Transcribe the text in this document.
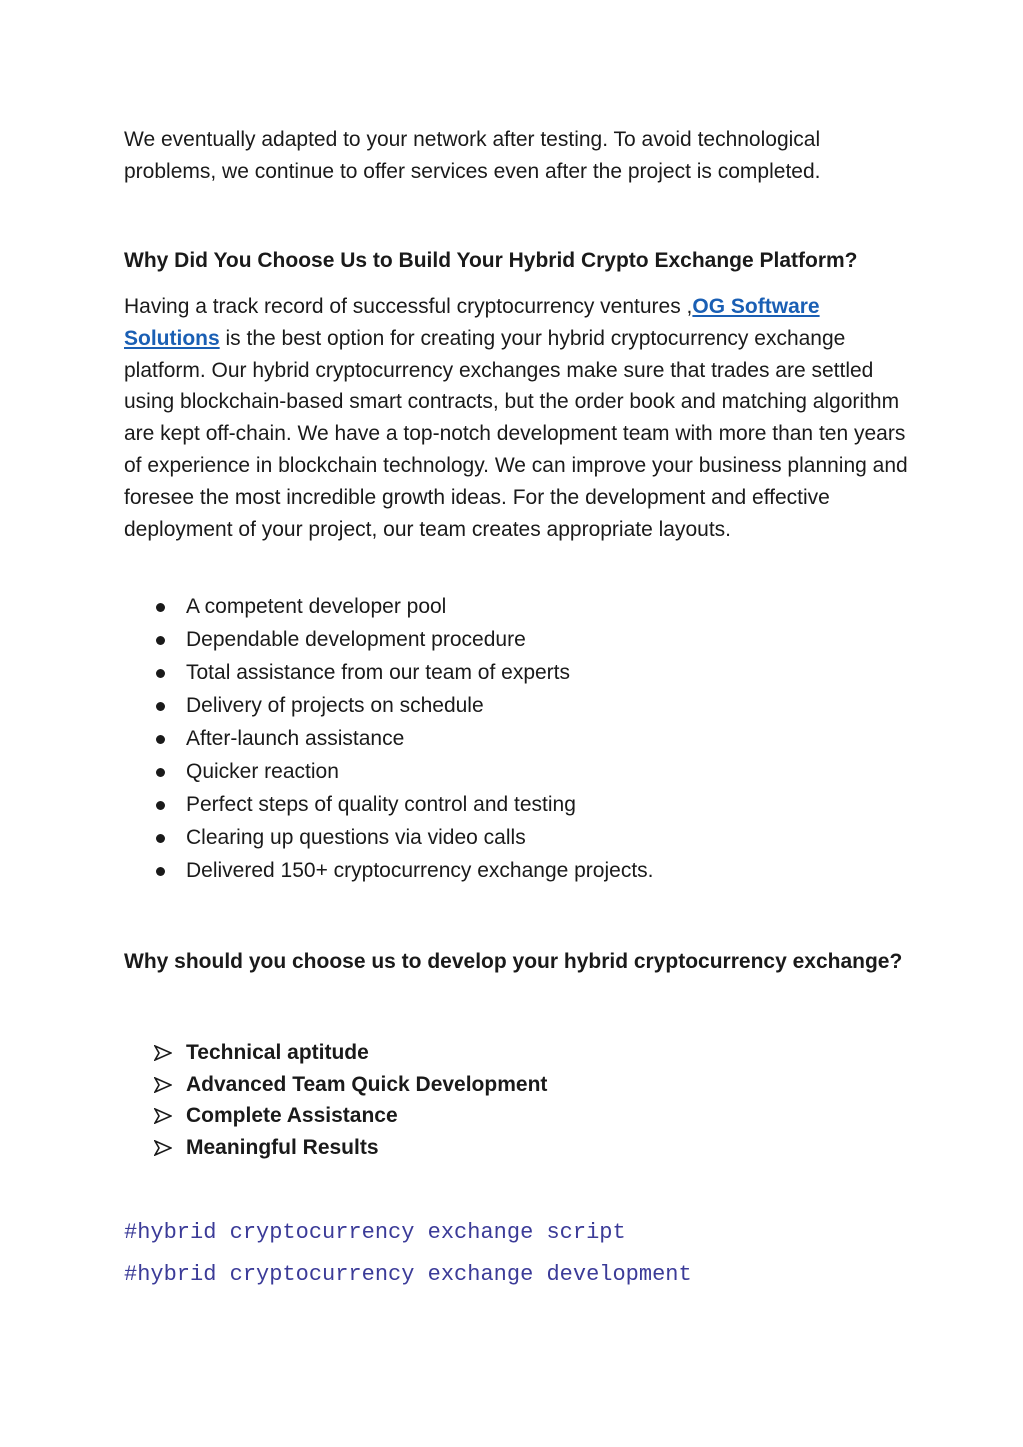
We eventually adapted to your network after testing. To avoid technological
problems, we continue to offer services even after the project is completed.

Why Did You Choose Us to Build Your Hybrid Crypto Exchange Platform?

Having a track record of successful cryptocurrency ventures ,OG Software Solutions is the best option for creating your hybrid cryptocurrency exchange platform. Our hybrid cryptocurrency exchanges make sure that trades are settled using blockchain-based smart contracts, but the order book and matching algorithm are kept off-chain. We have a top-notch development team with more than ten years of experience in blockchain technology. We can improve your business planning and foresee the most incredible growth ideas. For the development and effective deployment of your project, our team creates appropriate layouts.

A competent developer pool
Dependable development procedure
Total assistance from our team of experts
Delivery of projects on schedule
After-launch assistance
Quicker reaction
Perfect steps of quality control and testing
Clearing up questions via video calls
Delivered 150+ cryptocurrency exchange projects.
Why should you choose us to develop your hybrid cryptocurrency exchange?
Technical aptitude
Advanced Team Quick Development
Complete Assistance
Meaningful Results
#hybrid cryptocurrency exchange script
#hybrid cryptocurrency exchange development
